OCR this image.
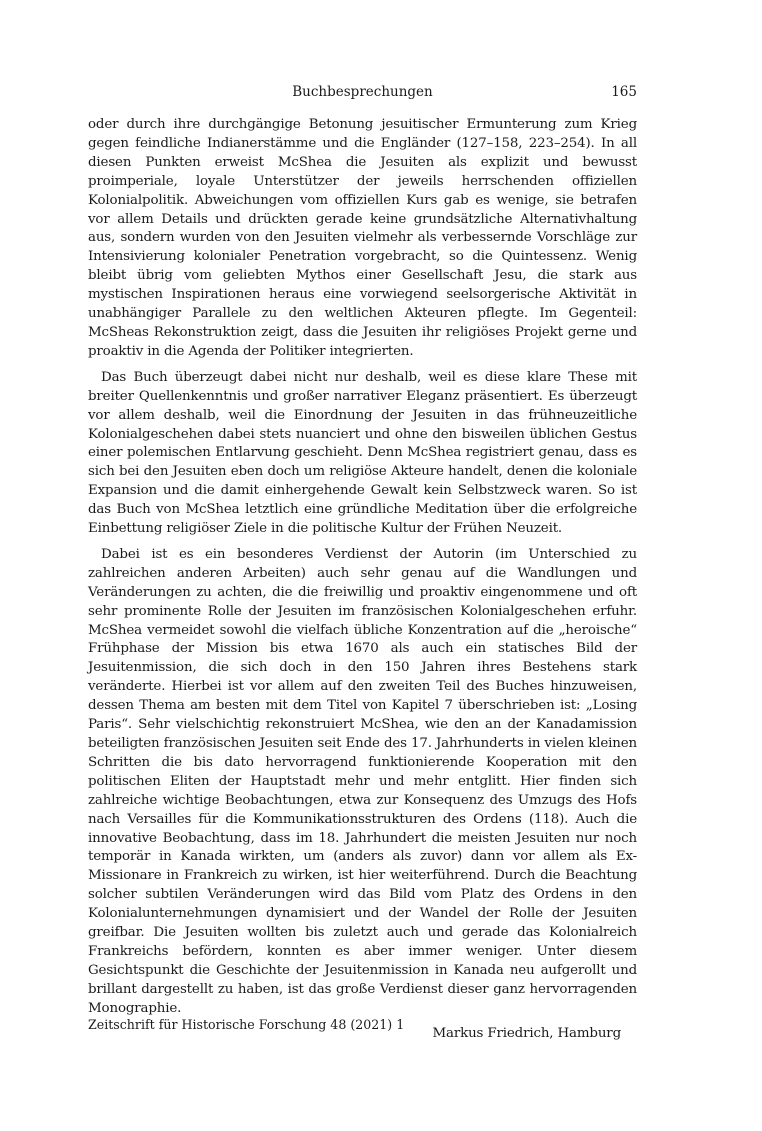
Buchbesprechungen	165

oder durch ihre durchgängige Betonung jesuitischer Ermunterung zum Krieg gegen feindliche Indianerstämme und die Engländer (127–158, 223–254). In all diesen Punkten erweist McShea die Jesuiten als explizit und bewusst proimperiale, loyale Unterstützer der jeweils herrschenden offiziellen Kolonialpolitik. Abweichungen vom offiziellen Kurs gab es wenige, sie betrafen vor allem Details und drückten gerade keine grundsätzliche Alternativhaltung aus, sondern wurden von den Jesuiten vielmehr als verbessernde Vorschläge zur Intensivierung kolonialer Penetration vorgebracht, so die Quintessenz. Wenig bleibt übrig vom geliebten Mythos einer Gesellschaft Jesu, die stark aus mystischen Inspirationen heraus eine vorwiegend seelsorgerische Aktivität in unabhängiger Parallele zu den weltlichen Akteuren pflegte. Im Gegenteil: McSheas Rekonstruktion zeigt, dass die Jesuiten ihr religiöses Projekt gerne und proaktiv in die Agenda der Politiker integrierten.

Das Buch überzeugt dabei nicht nur deshalb, weil es diese klare These mit breiter Quellenkenntnis und großer narrativer Eleganz präsentiert. Es überzeugt vor allem deshalb, weil die Einordnung der Jesuiten in das frühneuzeitliche Kolonialgeschehen dabei stets nuanciert und ohne den bisweilen üblichen Gestus einer polemischen Entlarvung geschieht. Denn McShea registriert genau, dass es sich bei den Jesuiten eben doch um religiöse Akteure handelt, denen die koloniale Expansion und die damit einhergehende Gewalt kein Selbstzweck waren. So ist das Buch von McShea letztlich eine gründliche Meditation über die erfolgreiche Einbettung religiöser Ziele in die politische Kultur der Frühen Neuzeit.

Dabei ist es ein besonderes Verdienst der Autorin (im Unterschied zu zahlreichen anderen Arbeiten) auch sehr genau auf die Wandlungen und Veränderungen zu achten, die die freiwillig und proaktiv eingenommene und oft sehr prominente Rolle der Jesuiten im französischen Kolonialgeschehen erfuhr. McShea vermeidet sowohl die vielfach übliche Konzentration auf die „heroische“ Frühphase der Mission bis etwa 1670 als auch ein statisches Bild der Jesuitenmission, die sich doch in den 150 Jahren ihres Bestehens stark veränderte. Hierbei ist vor allem auf den zweiten Teil des Buches hinzuweisen, dessen Thema am besten mit dem Titel von Kapitel 7 überschrieben ist: „Losing Paris“. Sehr vielschichtig rekonstruiert McShea, wie den an der Kanadamission beteiligten französischen Jesuiten seit Ende des 17. Jahrhunderts in vielen kleinen Schritten die bis dato hervorragend funktionierende Kooperation mit den politischen Eliten der Hauptstadt mehr und mehr entglitt. Hier finden sich zahlreiche wichtige Beobachtungen, etwa zur Konsequenz des Umzugs des Hofs nach Versailles für die Kommunikationsstrukturen des Ordens (118). Auch die innovative Beobachtung, dass im 18. Jahrhundert die meisten Jesuiten nur noch temporär in Kanada wirkten, um (anders als zuvor) dann vor allem als Ex-Missionare in Frankreich zu wirken, ist hier weiterführend. Durch die Beachtung solcher subtilen Veränderungen wird das Bild vom Platz des Ordens in den Kolonialunternehmungen dynamisiert und der Wandel der Rolle der Jesuiten greifbar. Die Jesuiten wollten bis zuletzt auch und gerade das Kolonialreich Frankreichs befördern, konnten es aber immer weniger. Unter diesem Gesichtspunkt die Geschichte der Jesuitenmission in Kanada neu aufgerollt und brillant dargestellt zu haben, ist das große Verdienst dieser ganz hervorragenden Monographie.

Markus Friedrich, Hamburg
Zeitschrift für Historische Forschung 48 (2021) 1
